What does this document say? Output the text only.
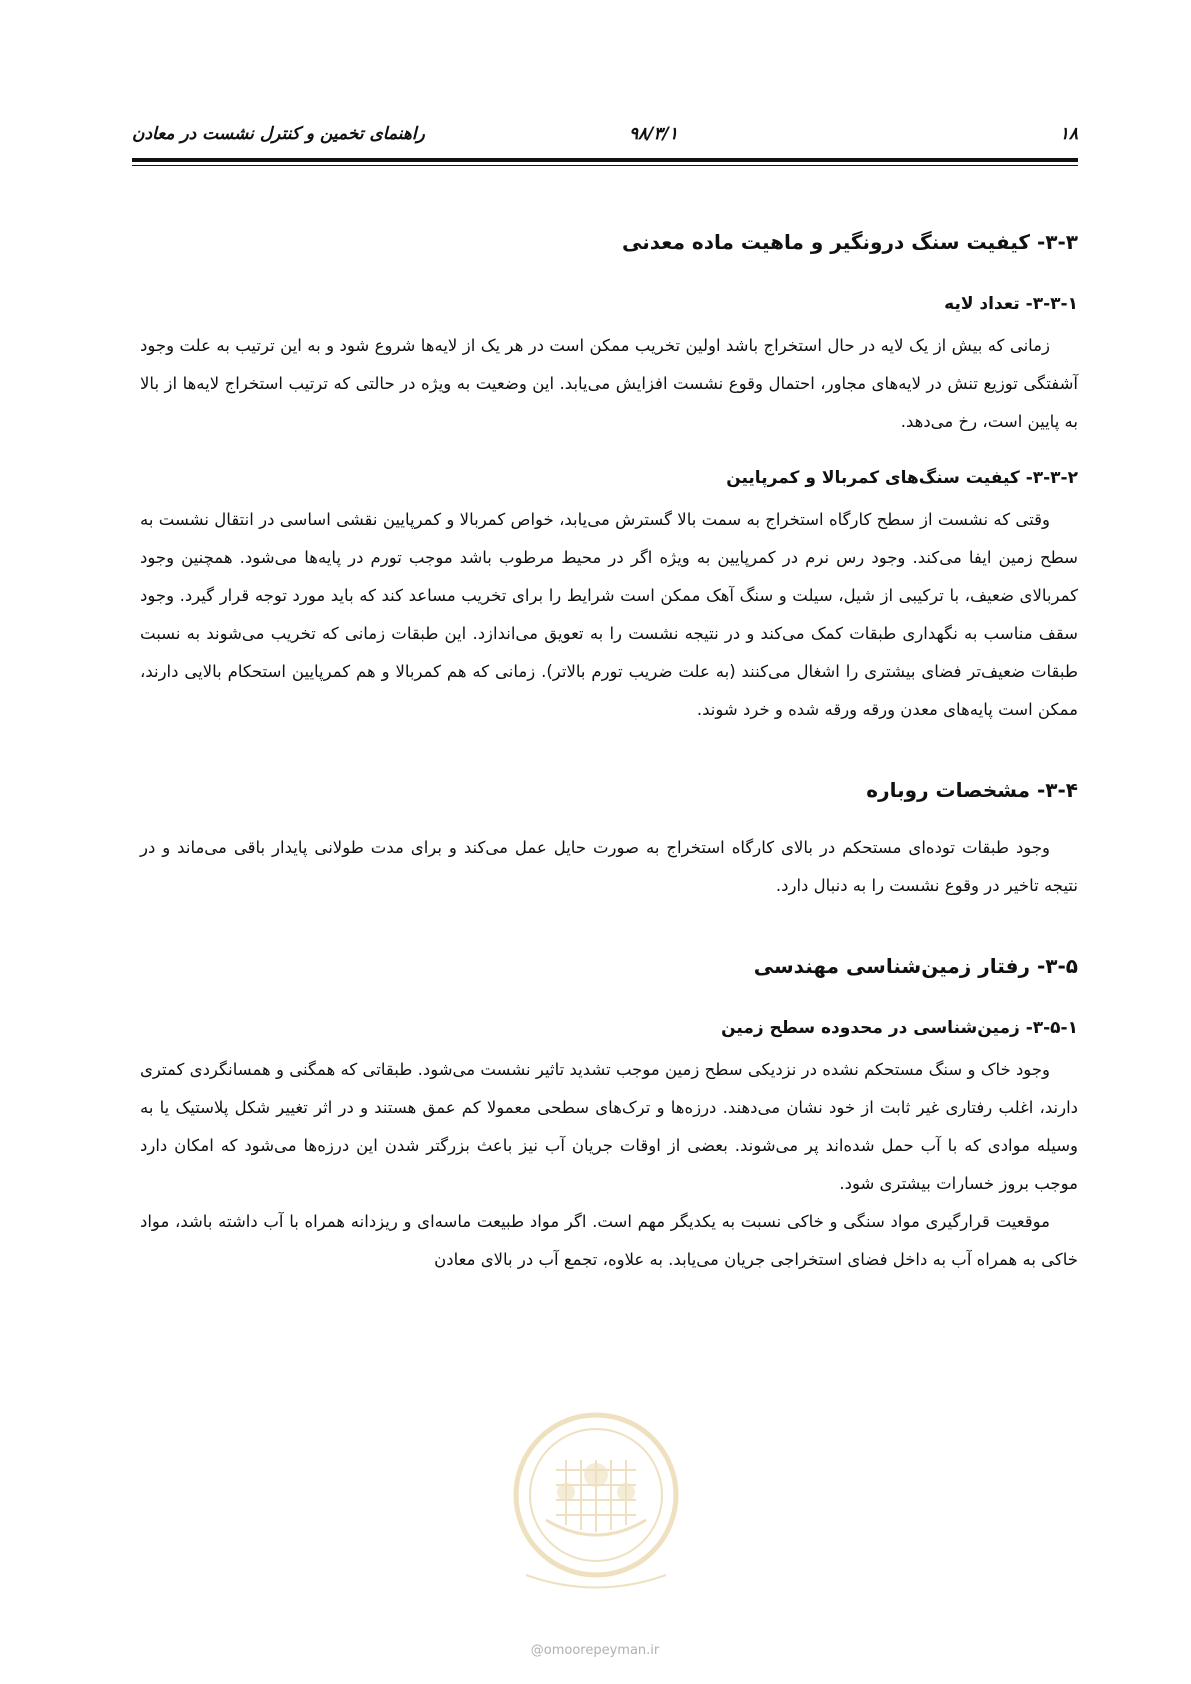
۱۸
۹۸/۳/۱
راهنمای تخمین و کنترل نشست در معادن
۳-۳- کیفیت سنگ درونگیر و ماهیت ماده معدنی
۳-۳-۱- تعداد لایه

زمانی که بیش از یک لایه در حال استخراج باشد اولین تخریب ممکن است در هر یک از لایه‌ها شروع شود و به این ترتیب به علت وجود آشفتگی توزیع تنش در لایه‌های مجاور، احتمال وقوع نشست افزایش می‌یابد. این وضعیت به ویژه در حالتی که ترتیب استخراج لایه‌ها از بالا به پایین است، رخ می‌دهد.

۳-۳-۲- کیفیت سنگ‌های کمربالا و کمرپایین

وقتی که نشست از سطح کارگاه استخراج به سمت بالا گسترش می‌یابد، خواص کمربالا و کمرپایین نقشی اساسی در انتقال نشست به سطح زمین ایفا می‌کند. وجود رس نرم در کمرپایین به ویژه اگر در محیط مرطوب باشد موجب تورم در پایه‌ها می‌شود. همچنین وجود کمربالای ضعیف، با ترکیبی از شیل، سیلت و سنگ آهک ممکن است شرایط را برای تخریب مساعد کند که باید مورد توجه قرار گیرد. وجود سقف مناسب به نگهداری طبقات کمک می‌کند و در نتیجه نشست را به تعویق می‌اندازد. این طبقات زمانی که تخریب می‌شوند به نسبت طبقات ضعیف‌تر فضای بیشتری را اشغال می‌کنند (به علت ضریب تورم بالاتر). زمانی که هم کمربالا و هم کمرپایین استحکام بالایی دارند، ممکن است پایه‌های معدن ورقه ورقه شده و خرد شوند.

۳-۴- مشخصات روباره

وجود طبقات توده‌ای مستحکم در بالای کارگاه استخراج به صورت حایل عمل می‌کند و برای مدت طولانی پایدار باقی می‌ماند و در نتیجه تاخیر در وقوع نشست را به دنبال دارد.

۳-۵- رفتار زمین‌شناسی مهندسی
۳-۵-۱- زمین‌شناسی در محدوده سطح زمین

وجود خاک و سنگ مستحکم نشده در نزدیکی سطح زمین موجب تشدید تاثیر نشست می‌شود. طبقاتی که همگنی و همسانگردی کمتری دارند، اغلب رفتاری غیر ثابت از خود نشان می‌دهند. درزه‌ها و ترک‌های سطحی معمولا کم عمق هستند و در اثر تغییر شکل پلاستیک یا به وسیله موادی که با آب حمل شده‌اند پر می‌شوند. بعضی از اوقات جریان آب نیز باعث بزرگتر شدن این درزه‌ها می‌شود که امکان دارد موجب بروز خسارات بیشتری شود.

موقعیت قرارگیری مواد سنگی و خاکی نسبت به یکدیگر مهم است. اگر مواد طبیعت ماسه‌ای و ریزدانه همراه با آب داشته باشد، مواد خاکی به همراه آب به داخل فضای استخراجی جریان می‌یابد. به علاوه، تجمع آب در بالای معادن

@omoorepeyman.ir
